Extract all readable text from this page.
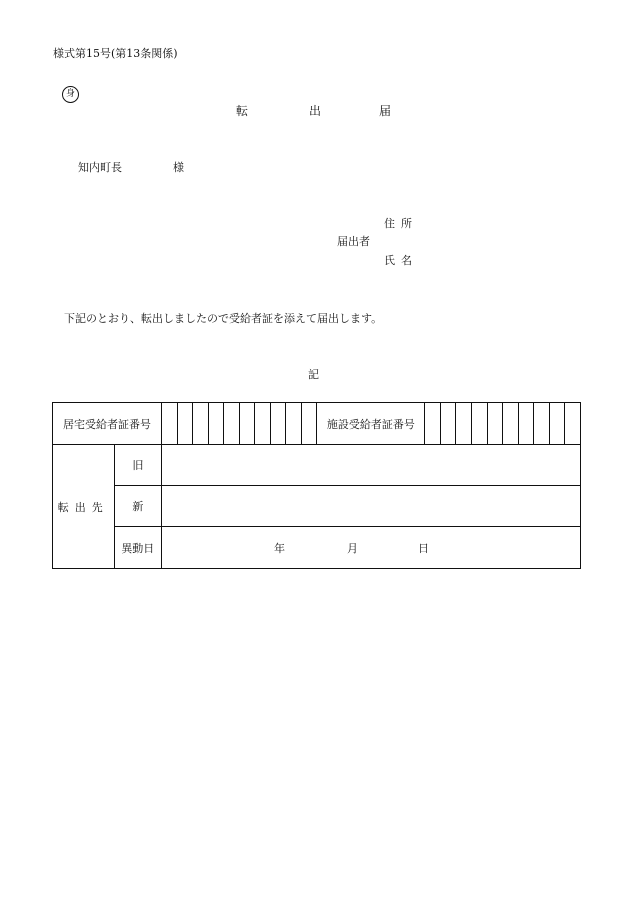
様式第15号(第13条関係)
身
転	出	届
知内町長	様
住所
届出者
氏名
下記のとおり、転出しましたので受給者証を添えて届出します。
記
居宅受給者証番号												施設受給者証番号										
転出先	旧																					
	新																					
	異動日	年 月 日																				
